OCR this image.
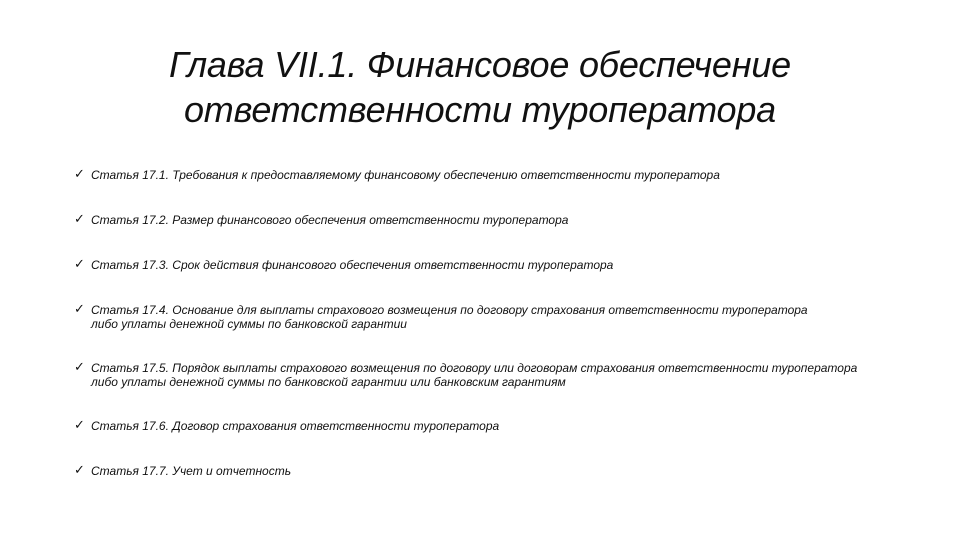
Глава VII.1. Финансовое обеспечение
ответственности туроператора
✓ Статья 17.1. Требования к предоставляемому финансовому обеспечению ответственности туроператора
✓ Статья 17.2. Размер финансового обеспечения ответственности туроператора
✓ Статья 17.3. Срок действия финансового обеспечения ответственности туроператора
✓ Статья 17.4. Основание для выплаты страхового возмещения по договору страхования ответственности туроператора либо уплаты денежной суммы по банковской гарантии
✓ Статья 17.5. Порядок выплаты страхового возмещения по договору или договорам страхования ответственности туроператора либо уплаты денежной суммы по банковской гарантии или банковским гарантиям
✓ Статья 17.6. Договор страхования ответственности туроператора
✓ Статья 17.7. Учет и отчетность
